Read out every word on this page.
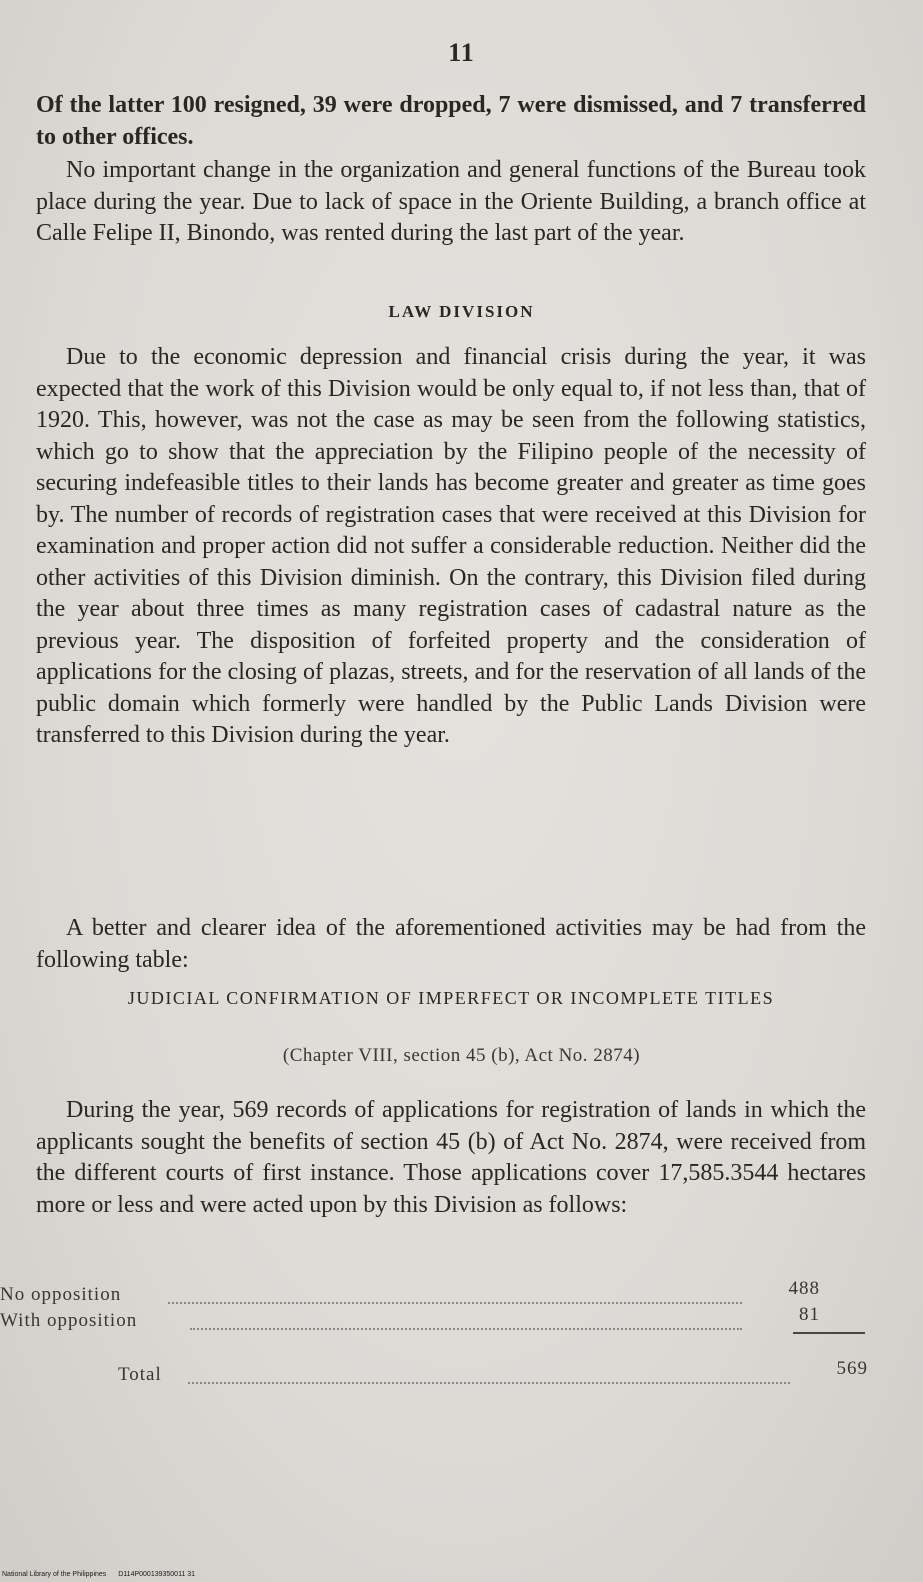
11

Of the latter 100 resigned, 39 were dropped, 7 were dismissed, and 7 transferred to other offices.

No important change in the organization and general functions of the Bureau took place during the year. Due to lack of space in the Oriente Building, a branch office at Calle Felipe II, Binondo, was rented during the last part of the year.

LAW DIVISION

Due to the economic depression and financial crisis during the year, it was expected that the work of this Division would be only equal to, if not less than, that of 1920. This, however, was not the case as may be seen from the following statistics, which go to show that the appreciation by the Filipino people of the necessity of securing indefeasible titles to their lands has become greater and greater as time goes by. The number of records of registration cases that were received at this Division for examination and proper action did not suffer a considerable reduction. Neither did the other activities of this Division diminish. On the contrary, this Division filed during the year about three times as many registration cases of cadastral nature as the previous year. The disposition of forfeited property and the consideration of applications for the closing of plazas, streets, and for the reservation of all lands of the public domain which formerly were handled by the Public Lands Division were transferred to this Division during the year.

A better and clearer idea of the aforementioned activities may be had from the following table:

JUDICIAL CONFIRMATION OF IMPERFECT OR INCOMPLETE TITLES
(Chapter VIII, section 45 (b), Act No. 2874)

During the year, 569 records of applications for registration of lands in which the applicants sought the benefits of section 45 (b) of Act No. 2874, were received from the different courts of first instance. Those applications cover 17,585.3544 hectares more or less and were acted upon by this Division as follows:

No opposition	488
With opposition	81
Total	569
National Library of the Philippines D114P000139350011 31
